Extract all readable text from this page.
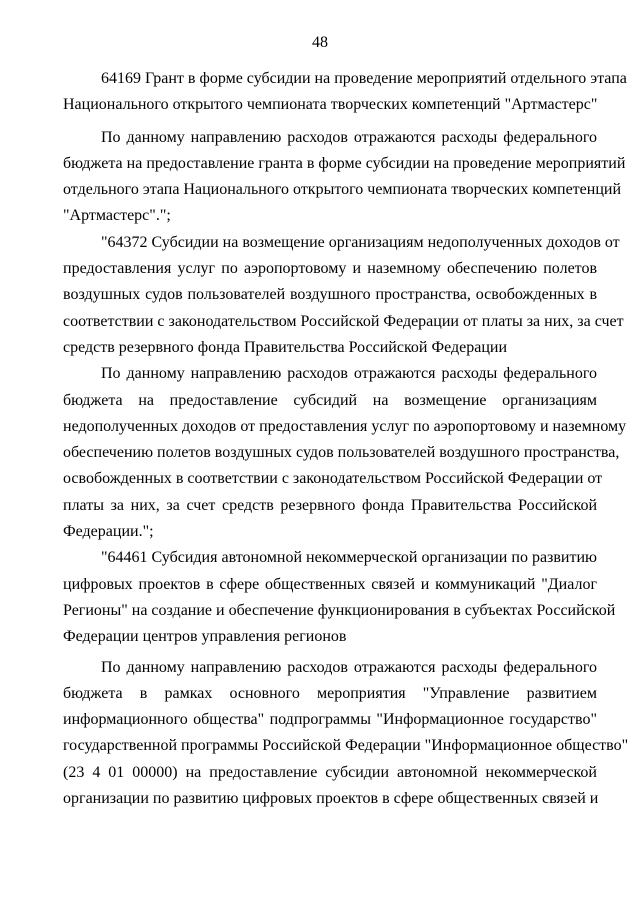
48
64169 Грант в форме субсидии на проведение мероприятий отдельного этапа
Национального открытого чемпионата творческих компетенций "Артмастерс"
По данному направлению расходов отражаются расходы федерального
бюджета на предоставление гранта в форме субсидии на проведение мероприятий
отдельного этапа Национального открытого чемпионата творческих компетенций
"Артмастерс".";
"64372 Субсидии на возмещение организациям недополученных доходов от
предоставления услуг по аэропортовому и наземному обеспечению полетов
воздушных судов пользователей воздушного пространства, освобожденных в
соответствии с законодательством Российской Федерации от платы за них, за счет
средств резервного фонда Правительства Российской Федерации
По данному направлению расходов отражаются расходы федерального
бюджета на предоставление субсидий на возмещение организациям
недополученных доходов от предоставления услуг по аэропортовому и наземному
обеспечению полетов воздушных судов пользователей воздушного пространства,
освобожденных в соответствии с законодательством Российской Федерации от
платы за них, за счет средств резервного фонда Правительства Российской
Федерации.";
"64461 Субсидия автономной некоммерческой организации по развитию
цифровых проектов в сфере общественных связей и коммуникаций "Диалог
Регионы" на создание и обеспечение функционирования в субъектах Российской
Федерации центров управления регионов
По данному направлению расходов отражаются расходы федерального
бюджета в рамках основного мероприятия "Управление развитием
информационного общества" подпрограммы "Информационное государство"
государственной программы Российской Федерации "Информационное общество"
(23 4 01 00000) на предоставление субсидии автономной некоммерческой
организации по развитию цифровых проектов в сфере общественных связей и
